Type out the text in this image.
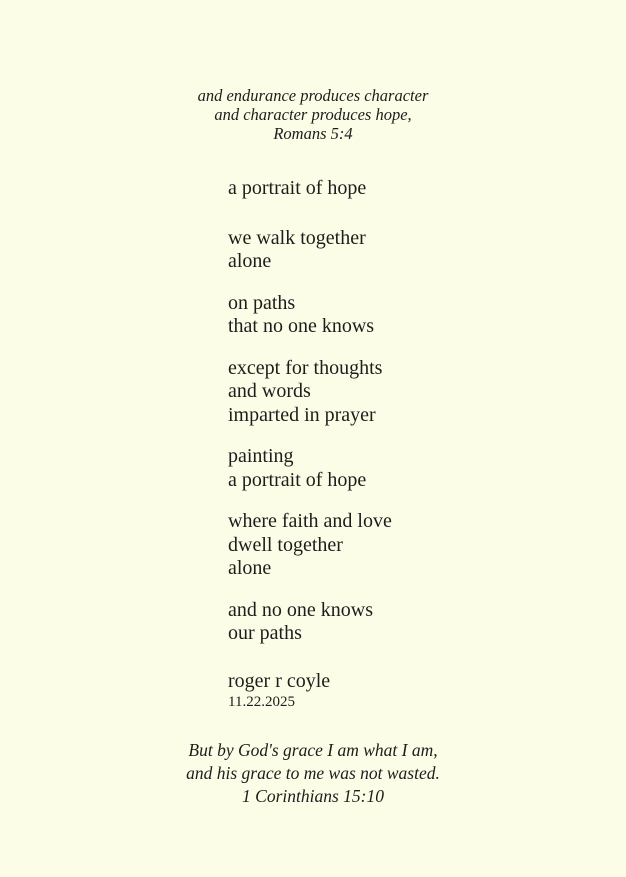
and endurance produces character
and character produces hope,
Romans 5:4
a portrait of hope
we walk together
alone
on paths
that no one knows
except for thoughts
and words
imparted in prayer
painting
a portrait of hope
where faith and love
dwell together
alone
and no one knows
our paths
roger r coyle
11.22.2025
But by God's grace I am what I am,
and his grace to me was not wasted.
1 Corinthians 15:10
